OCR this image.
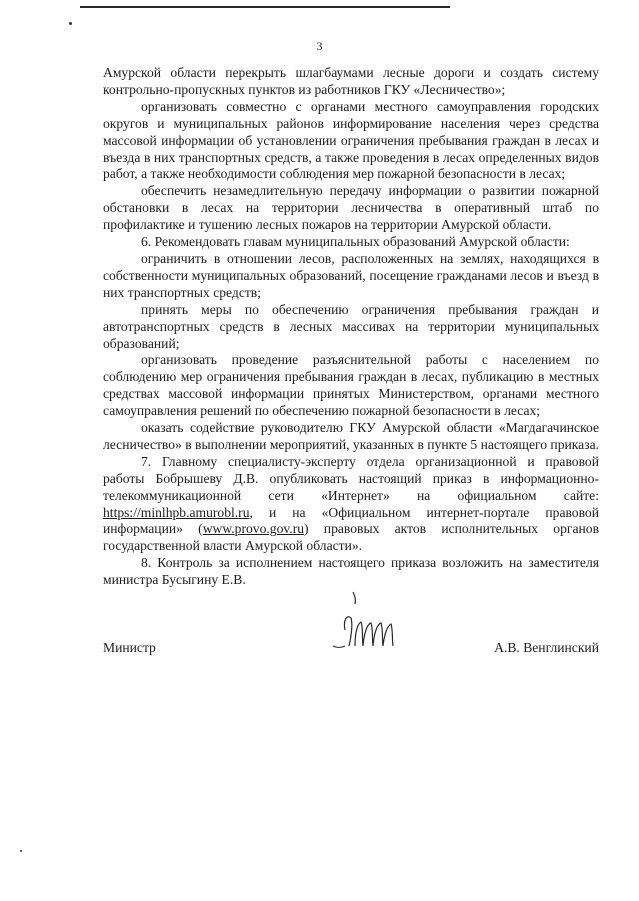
3

Амурской области перекрыть шлагбаумами лесные дороги и создать систему контрольно-пропускных пунктов из работников ГКУ «Лесничество»;

организовать совместно с органами местного самоуправления городских округов и муниципальных районов информирование населения через средства массовой информации об установлении ограничения пребывания граждан в лесах и въезда в них транспортных средств, а также проведения в лесах определенных видов работ, а также необходимости соблюдения мер пожарной безопасности в лесах;

обеспечить незамедлительную передачу информации о развитии пожарной обстановки в лесах на территории лесничества в оперативный штаб по профилактике и тушению лесных пожаров на территории Амурской области.

6. Рекомендовать главам муниципальных образований Амурской области:

ограничить в отношении лесов, расположенных на землях, находящихся в собственности муниципальных образований, посещение гражданами лесов и въезд в них транспортных средств;

принять меры по обеспечению ограничения пребывания граждан и автотранспортных средств в лесных массивах на территории муниципальных образований;

организовать проведение разъяснительной работы с населением по соблюдению мер ограничения пребывания граждан в лесах, публикацию в местных средствах массовой информации принятых Министерством, органами местного самоуправления решений по обеспечению пожарной безопасности в лесах;

оказать содействие руководителю ГКУ Амурской области «Магдагачинское лесничество» в выполнении мероприятий, указанных в пункте 5 настоящего приказа.

7. Главному специалисту-эксперту отдела организационной и правовой работы Бобрышеву Д.В. опубликовать настоящий приказ в информационно-телекоммуникационной сети «Интернет» на официальном сайте: https://minlhpb.amurobl.ru, и на «Официальном интернет-портале правовой информации» (www.provo.gov.ru) правовых актов исполнительных органов государственной власти Амурской области».

8. Контроль за исполнением настоящего приказа возложить на заместителя министра Бусыгину Е.В.

Министр	А.В. Венглинский
